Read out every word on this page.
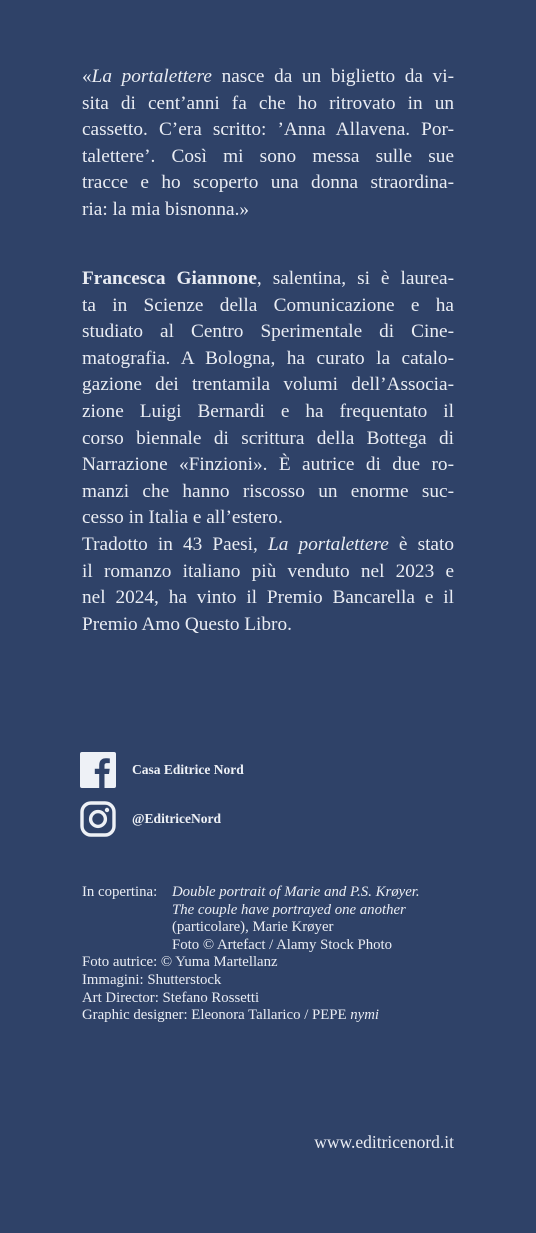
«La portalettere nasce da un biglietto da vi-
sita di cent’anni fa che ho ritrovato in un
cassetto. C’era scritto: ’Anna Allavena. Por-
talettere’. Così mi sono messa sulle sue
tracce e ho scoperto una donna straordina-
ria: la mia bisnonna.»
Francesca Giannone, salentina, si è laurea-
ta in Scienze della Comunicazione e ha
studiato al Centro Sperimentale di Cine-
matografia. A Bologna, ha curato la catalo-
gazione dei trentamila volumi dell’Associa-
zione Luigi Bernardi e ha frequentato il
corso biennale di scrittura della Bottega di
Narrazione «Finzioni». È autrice di due ro-
manzi che hanno riscosso un enorme suc-
cesso in Italia e all’estero.
Tradotto in 43 Paesi, La portalettere è stato
il romanzo italiano più venduto nel 2023 e
nel 2024, ha vinto il Premio Bancarella e il
Premio Amo Questo Libro.
Casa Editrice Nord
@EditriceNord
In copertina:	Double portrait of Marie and P.S. Krøyer.
The couple have portrayed one another
(particolare), Marie Krøyer
Foto © Artefact / Alamy Stock Photo
Foto autrice: © Yuma Martellanz
Immagini: Shutterstock
Art Director: Stefano Rossetti
Graphic designer: Eleonora Tallarico / PEPE nymi
www.editricenord.it
